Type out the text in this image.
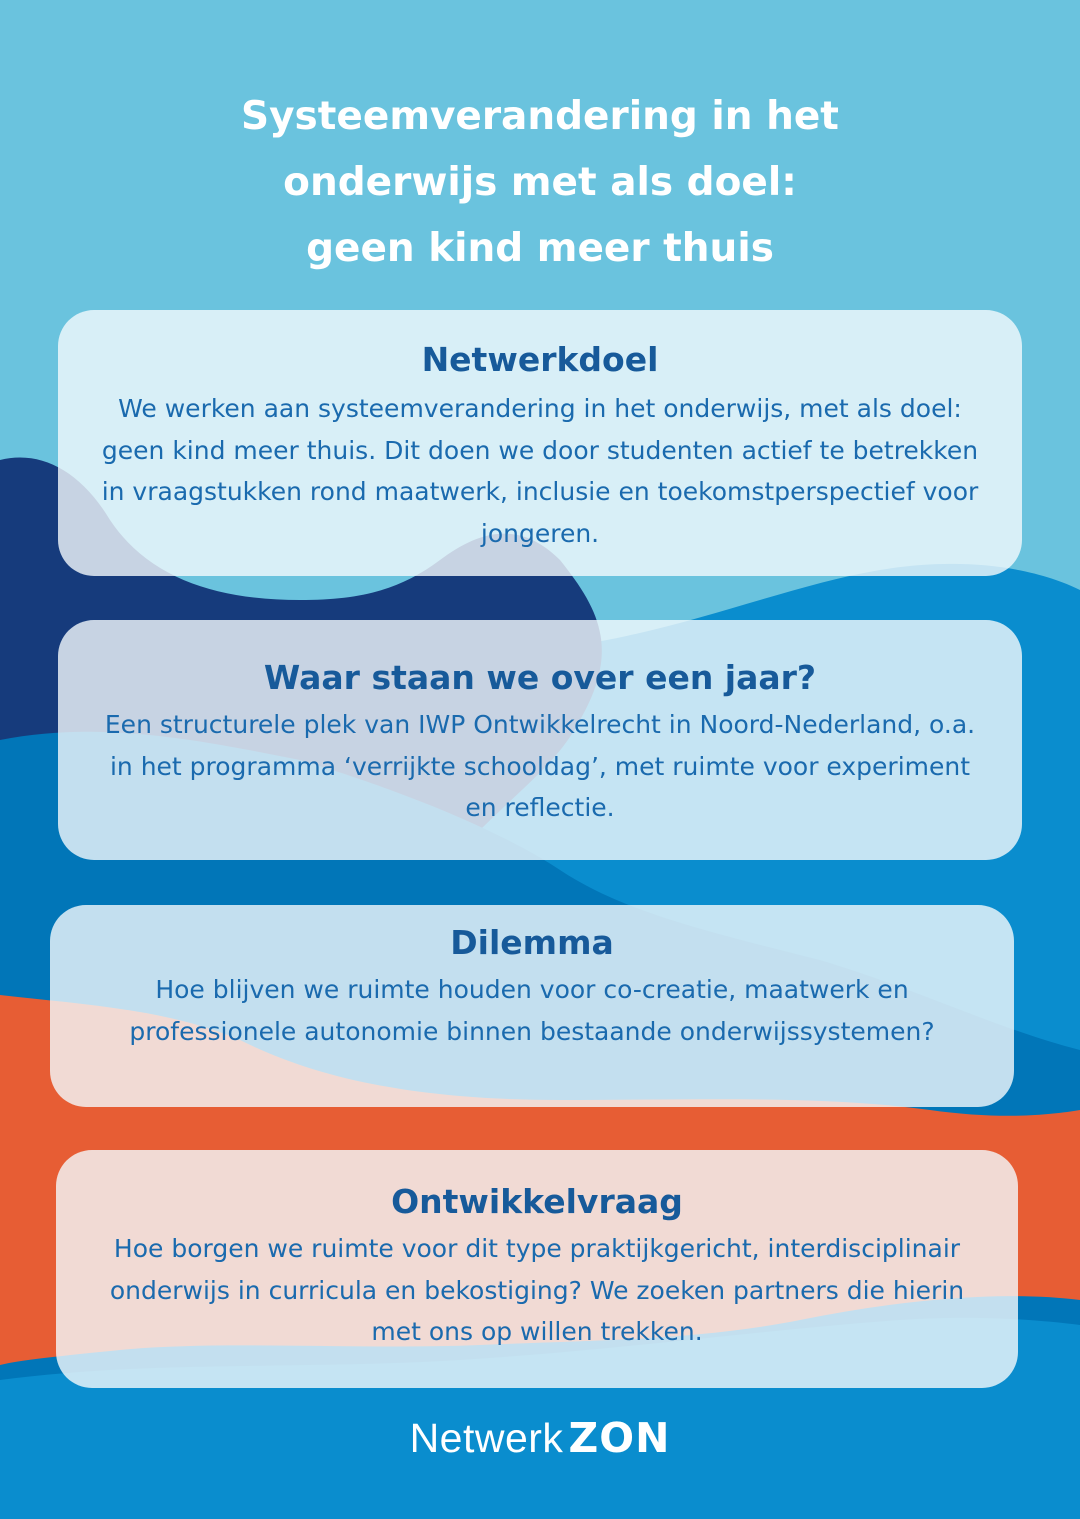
Systeemverandering in het
onderwijs met als doel:
geen kind meer thuis
Netwerkdoel

We werken aan systeemverandering in het onderwijs, met als doel: geen kind meer thuis. Dit doen we door studenten actief te betrekken in vraagstukken rond maatwerk, inclusie en toekomstperspectief voor jongeren.

Waar staan we over een jaar?

Een structurele plek van IWP Ontwikkelrecht in Noord-Nederland, o.a. in het programma ‘verrijkte schooldag’, met ruimte voor experiment en reflectie.

Dilemma

Hoe blijven we ruimte houden voor co-creatie, maatwerk en professionele autonomie binnen bestaande onderwijssystemen?

Ontwikkelvraag

Hoe borgen we ruimte voor dit type praktijkgericht, interdisciplinair onderwijs in curricula en bekostiging? We zoeken partners die hierin met ons op willen trekken.

Netwerk ZON
